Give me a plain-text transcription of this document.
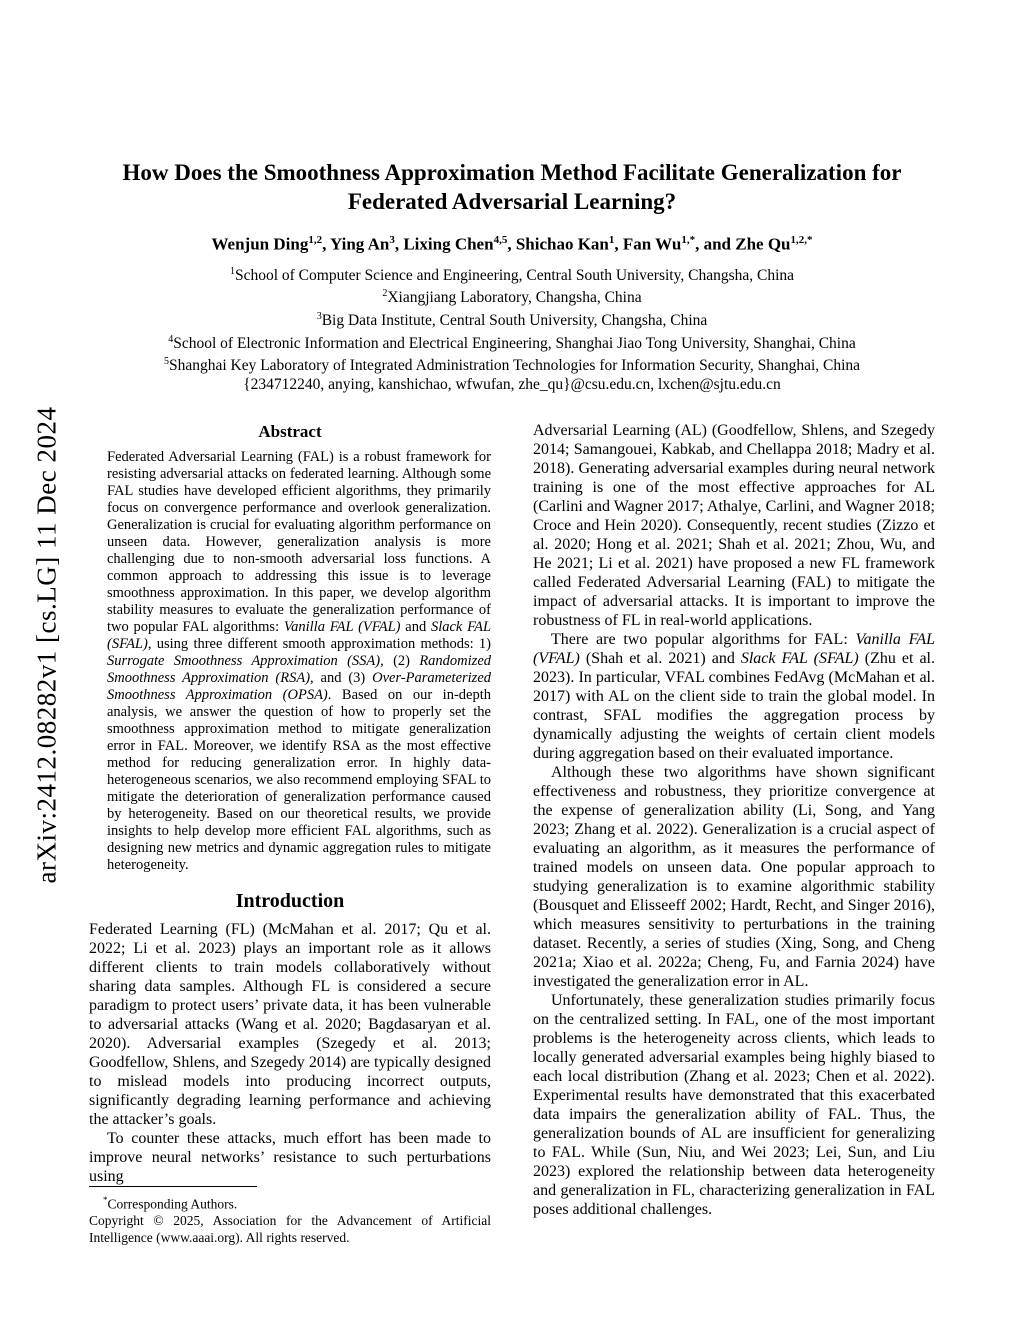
arXiv:2412.08282v1 [cs.LG] 11 Dec 2024
How Does the Smoothness Approximation Method Facilitate Generalization for Federated Adversarial Learning?
Wenjun Ding$^{1,2}$, Ying An$^3$, Lixing Chen$^{4,5}$, Shichao Kan$^1$, Fan $Wu^{1,*}$, and Zhe $Qu^{1,2,*}$
$^1$School of Computer Science and Engineering, Central South University, Changsha, China
$^2$Xiangjiang Laboratory, Changsha, China
$^3$Big Data Institute, Central South University, Changsha, China
$^4$School of Electronic Information and Electrical Engineering, Shanghai Jiao Tong University, Shanghai, China
$^5$Shanghai Key Laboratory of Integrated Administration Technologies for Information Security, Shanghai, China
{234712240, anying, kanshichao, wfwufan, zhe_qu}@csu.edu.cn, lxchen@sjtu.edu.cn
Abstract

Federated Adversarial Learning (FAL) is a robust framework for resisting adversarial attacks on federated learning. Although some FAL studies have developed efficient algorithms, they primarily focus on convergence performance and overlook generalization. Generalization is crucial for evaluating algorithm performance on unseen data. However, generalization analysis is more challenging due to non-smooth adversarial loss functions. A common approach to addressing this issue is to leverage smoothness approximation. In this paper, we develop algorithm stability measures to evaluate the generalization performance of two popular FAL algorithms: Vanilla FAL (VFAL) and Slack FAL (SFAL), using three different smooth approximation methods: 1) Surrogate Smoothness Approximation (SSA), (2) Randomized Smoothness Approximation (RSA), and (3) Over-Parameterized Smoothness Approximation (OPSA). Based on our in-depth analysis, we answer the question of how to properly set the smoothness approximation method to mitigate generalization error in FAL. Moreover, we identify RSA as the most effective method for reducing generalization error. In highly data-heterogeneous scenarios, we also recommend employing SFAL to mitigate the deterioration of generalization performance caused by heterogeneity. Based on our theoretical results, we provide insights to help develop more efficient FAL algorithms, such as designing new metrics and dynamic aggregation rules to mitigate heterogeneity.

Introduction

Federated Learning (FL) (McMahan et al. 2017; Qu et al. 2022; Li et al. 2023) plays an important role as it allows different clients to train models collaboratively without sharing data samples. Although FL is considered a secure paradigm to protect users’ private data, it has been vulnerable to adversarial attacks (Wang et al. 2020; Bagdasaryan et al. 2020). Adversarial examples (Szegedy et al. 2013; Goodfellow, Shlens, and Szegedy 2014) are typically designed to mislead models into producing incorrect outputs, significantly degrading learning performance and achieving the attacker’s goals.

To counter these attacks, much effort has been made to improve neural networks’ resistance to such perturbations using

*Corresponding Authors.
Copyright © 2025, Association for the Advancement of Artificial Intelligence (www.aaai.org). All rights reserved.

Adversarial Learning (AL) (Goodfellow, Shlens, and Szegedy 2014; Samangouei, Kabkab, and Chellappa 2018; Madry et al. 2018). Generating adversarial examples during neural network training is one of the most effective approaches for AL (Carlini and Wagner 2017; Athalye, Carlini, and Wagner 2018; Croce and Hein 2020). Consequently, recent studies (Zizzo et al. 2020; Hong et al. 2021; Shah et al. 2021; Zhou, Wu, and He 2021; Li et al. 2021) have proposed a new FL framework called Federated Adversarial Learning (FAL) to mitigate the impact of adversarial attacks. It is important to improve the robustness of FL in real-world applications.

There are two popular algorithms for FAL: Vanilla FAL (VFAL) (Shah et al. 2021) and Slack FAL (SFAL) (Zhu et al. 2023). In particular, VFAL combines FedAvg (McMahan et al. 2017) with AL on the client side to train the global model. In contrast, SFAL modifies the aggregation process by dynamically adjusting the weights of certain client models during aggregation based on their evaluated importance.

Although these two algorithms have shown significant effectiveness and robustness, they prioritize convergence at the expense of generalization ability (Li, Song, and Yang 2023; Zhang et al. 2022). Generalization is a crucial aspect of evaluating an algorithm, as it measures the performance of trained models on unseen data. One popular approach to studying generalization is to examine algorithmic stability (Bousquet and Elisseeff 2002; Hardt, Recht, and Singer 2016), which measures sensitivity to perturbations in the training dataset. Recently, a series of studies (Xing, Song, and Cheng 2021a; Xiao et al. 2022a; Cheng, Fu, and Farnia 2024) have investigated the generalization error in AL.

Unfortunately, these generalization studies primarily focus on the centralized setting. In FAL, one of the most important problems is the heterogeneity across clients, which leads to locally generated adversarial examples being highly biased to each local distribution (Zhang et al. 2023; Chen et al. 2022). Experimental results have demonstrated that this exacerbated data impairs the generalization ability of FAL. Thus, the generalization bounds of AL are insufficient for generalizing to FAL. While (Sun, Niu, and Wei 2023; Lei, Sun, and Liu 2023) explored the relationship between data heterogeneity and generalization in FL, characterizing generalization in FAL poses additional challenges.
